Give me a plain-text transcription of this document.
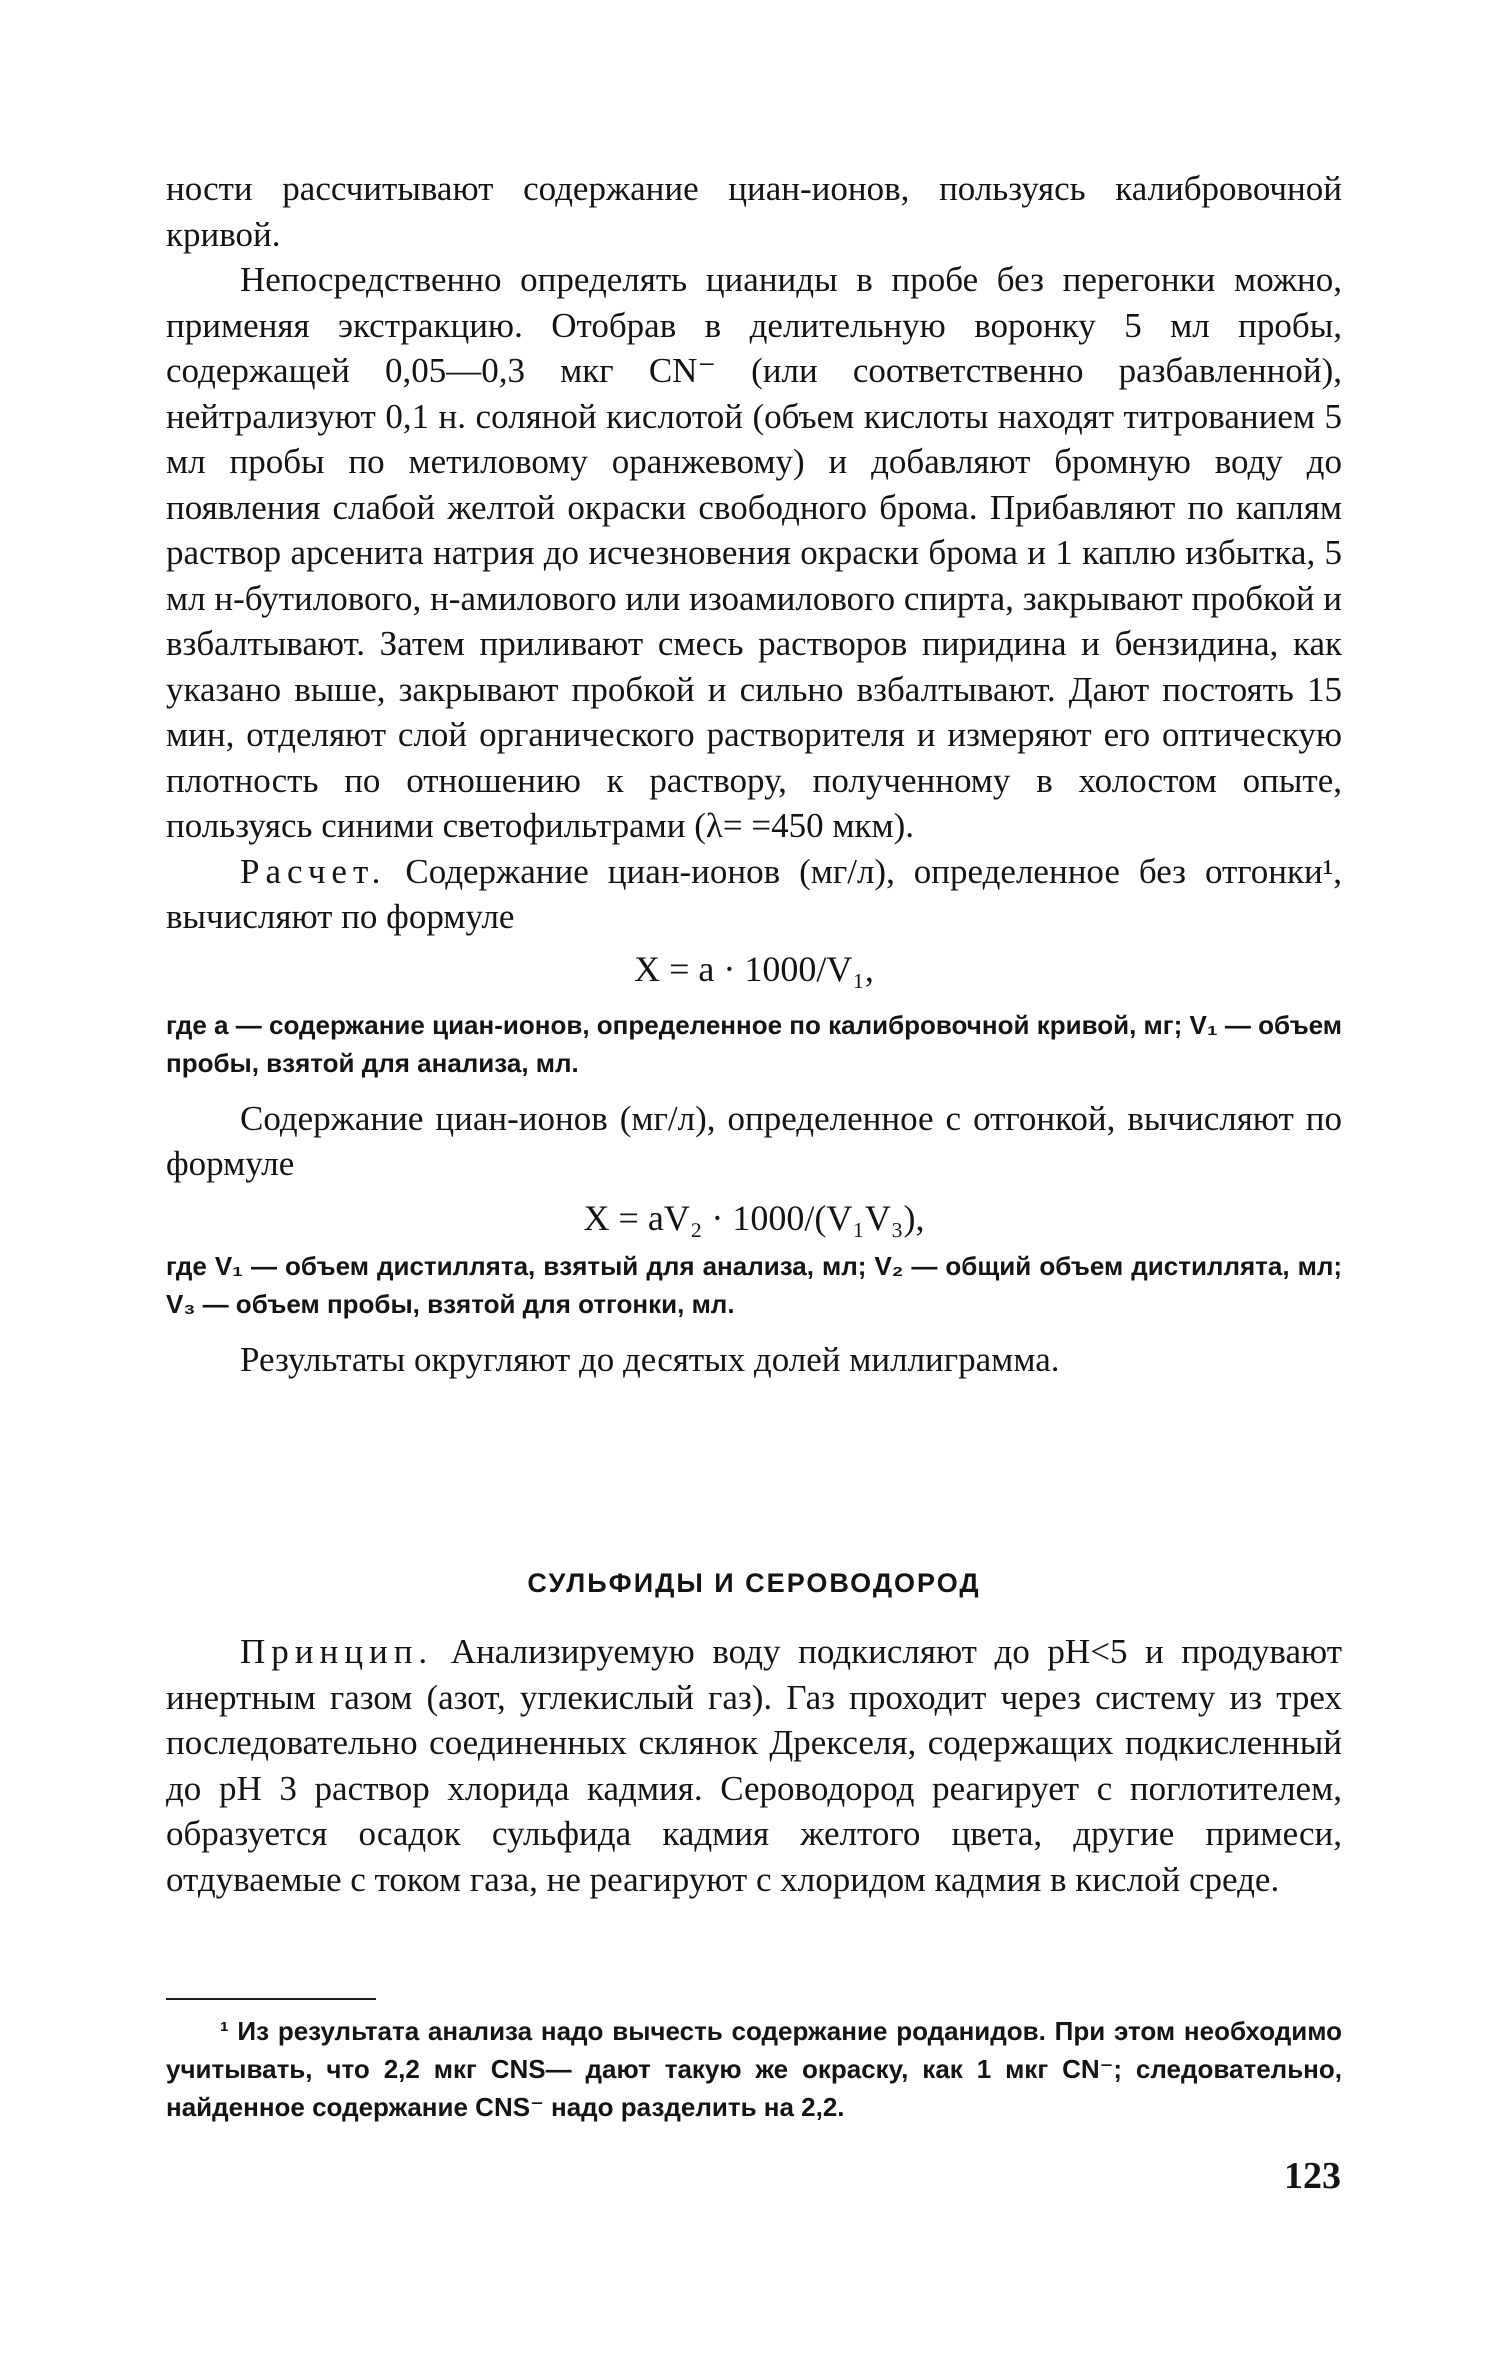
ности рассчитывают содержание циан-ионов, пользуясь калибровочной кривой.

Непосредственно определять цианиды в пробе без перегонки можно, применяя экстракцию. Отобрав в делительную воронку 5 мл пробы, содержащей 0,05—0,3 мкг CN⁻ (или соответственно разбавленной), нейтрализуют 0,1 н. соляной кислотой (объем кислоты находят титрованием 5 мл пробы по метиловому оранжевому) и добавляют бромную воду до появления слабой желтой окраски свободного брома. Прибавляют по каплям раствор арсенита натрия до исчезновения окраски брома и 1 каплю избытка, 5 мл н-бутилового, н-амилового или изоамилового спирта, закрывают пробкой и взбалтывают. Затем приливают смесь растворов пиридина и бензидина, как указано выше, закрывают пробкой и сильно взбалтывают. Дают постоять 15 мин, отделяют слой органического растворителя и измеряют его оптическую плотность по отношению к раствору, полученному в холостом опыте, пользуясь синими светофильтрами (λ= =450 мкм).

Расчет. Содержание циан-ионов (мг/л), определенное без отгонки¹, вычисляют по формуле

X = a · 1000/V₁,

где a — содержание циан-ионов, определенное по калибровочной кривой, мг; V₁ — объем пробы, взятой для анализа, мл.

Содержание циан-ионов (мг/л), определенное с отгонкой, вычисляют по формуле

X = aV₂ · 1000/(V₁V₃),

где V₁ — объем дистиллята, взятый для анализа, мл; V₂ — общий объем дистиллята, мл; V₃ — объем пробы, взятой для отгонки, мл.

Результаты округляют до десятых долей миллиграмма.

СУЛЬФИДЫ И СЕРОВОДОРОД

Принцип. Анализируемую воду подкисляют до pH<5 и продувают инертным газом (азот, углекислый газ). Газ проходит через систему из трех последовательно соединенных склянок Дрекселя, содержащих подкисленный до pH 3 раствор хлорида кадмия. Сероводород реагирует с поглотителем, образуется осадок сульфида кадмия желтого цвета, другие примеси, отдуваемые с током газа, не реагируют с хлоридом кадмия в кислой среде.

¹ Из результата анализа надо вычесть содержание роданидов. При этом необходимо учитывать, что 2,2 мкг CNS— дают такую же окраску, как 1 мкг CN⁻; следовательно, найденное содержание CNS⁻ надо разделить на 2,2.

123
